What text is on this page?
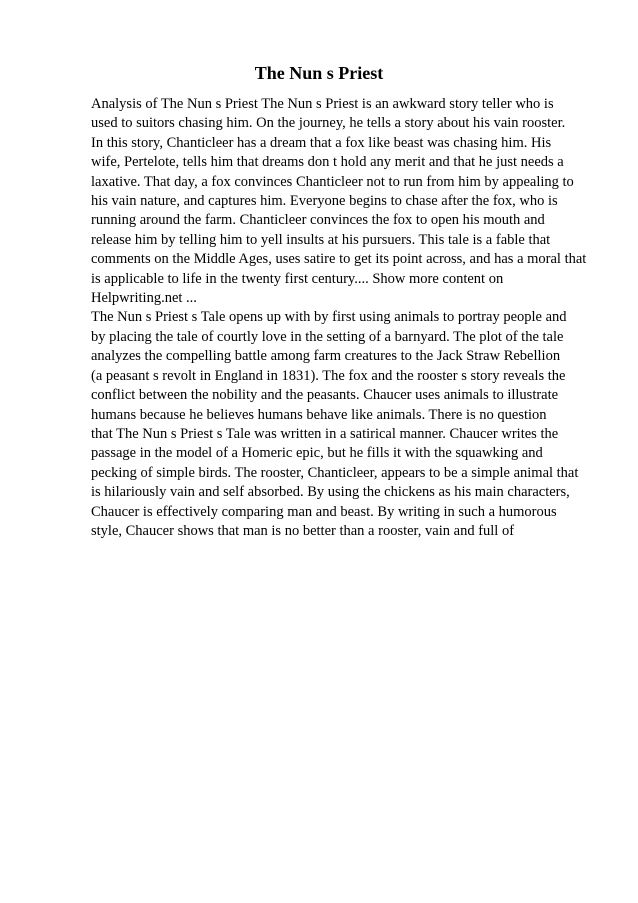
The Nun s Priest
Analysis of The Nun s Priest The Nun s Priest is an awkward story teller who is
used to suitors chasing him. On the journey, he tells a story about his vain rooster.
In this story, Chanticleer has a dream that a fox like beast was chasing him. His
wife, Pertelote, tells him that dreams don t hold any merit and that he just needs a
laxative. That day, a fox convinces Chanticleer not to run from him by appealing to
his vain nature, and captures him. Everyone begins to chase after the fox, who is
running around the farm. Chanticleer convinces the fox to open his mouth and
release him by telling him to yell insults at his pursuers. This tale is a fable that
comments on the Middle Ages, uses satire to get its point across, and has a moral that
is applicable to life in the twenty first century.... Show more content on
Helpwriting.net ...
The Nun s Priest s Tale opens up with by first using animals to portray people and
by placing the tale of courtly love in the setting of a barnyard. The plot of the tale
analyzes the compelling battle among farm creatures to the Jack Straw Rebellion
(a peasant s revolt in England in 1831). The fox and the rooster s story reveals the
conflict between the nobility and the peasants. Chaucer uses animals to illustrate
humans because he believes humans behave like animals. There is no question
that The Nun s Priest s Tale was written in a satirical manner. Chaucer writes the
passage in the model of a Homeric epic, but he fills it with the squawking and
pecking of simple birds. The rooster, Chanticleer, appears to be a simple animal that
is hilariously vain and self absorbed. By using the chickens as his main characters,
Chaucer is effectively comparing man and beast. By writing in such a humorous
style, Chaucer shows that man is no better than a rooster, vain and full of
